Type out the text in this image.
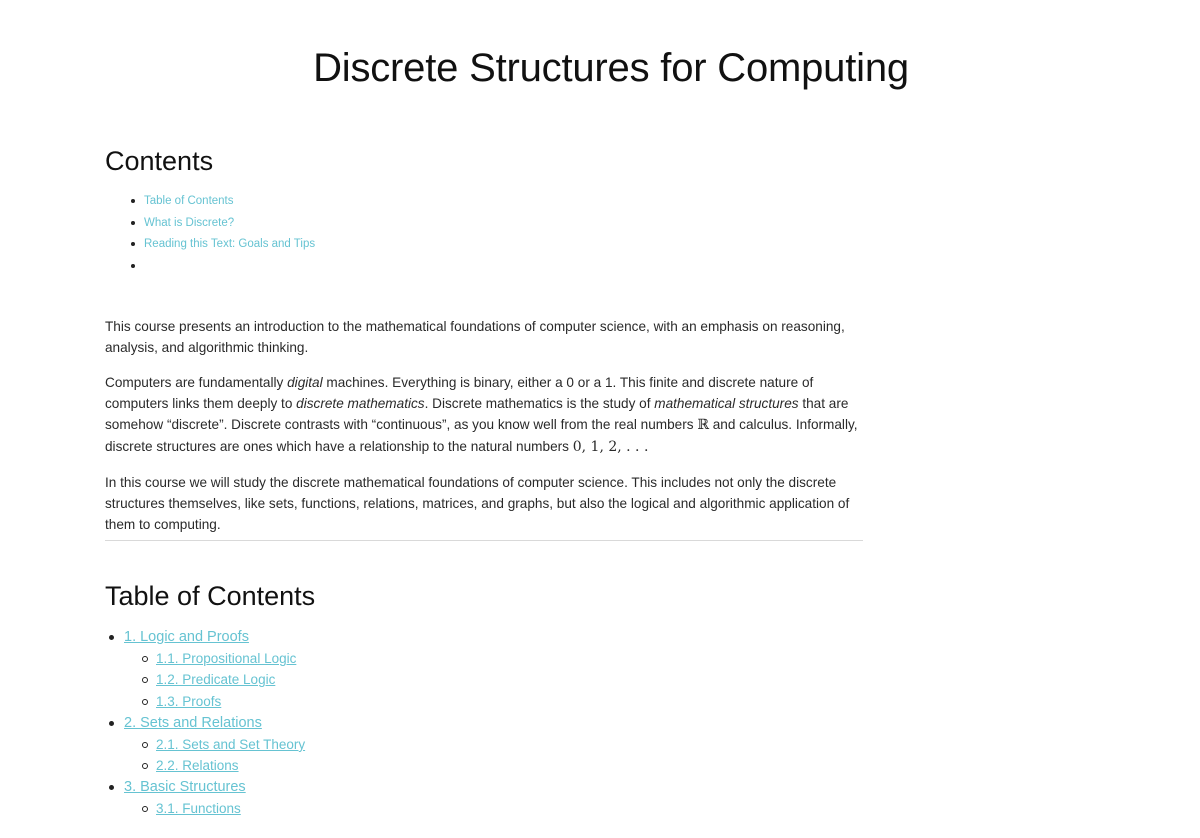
Discrete Structures for Computing
Contents
Table of Contents
What is Discrete?
Reading this Text: Goals and Tips

This course presents an introduction to the mathematical foundations of computer science, with an emphasis on reasoning, analysis, and algorithmic thinking.

Computers are fundamentally digital machines. Everything is binary, either a 0 or a 1. This finite and discrete nature of computers links them deeply to discrete mathematics. Discrete mathematics is the study of mathematical structures that are somehow “discrete”. Discrete contrasts with “continuous”, as you know well from the real numbers ℝ and calculus. Informally, discrete structures are ones which have a relationship to the natural numbers 0, 1, 2, . . .

In this course we will study the discrete mathematical foundations of computer science. This includes not only the discrete structures themselves, like sets, functions, relations, matrices, and graphs, but also the logical and algorithmic application of them to computing.

Table of Contents
1. Logic and Proofs
1.1. Propositional Logic
1.2. Predicate Logic
1.3. Proofs
2. Sets and Relations
2.1. Sets and Set Theory
2.2. Relations
3. Basic Structures
3.1. Functions
